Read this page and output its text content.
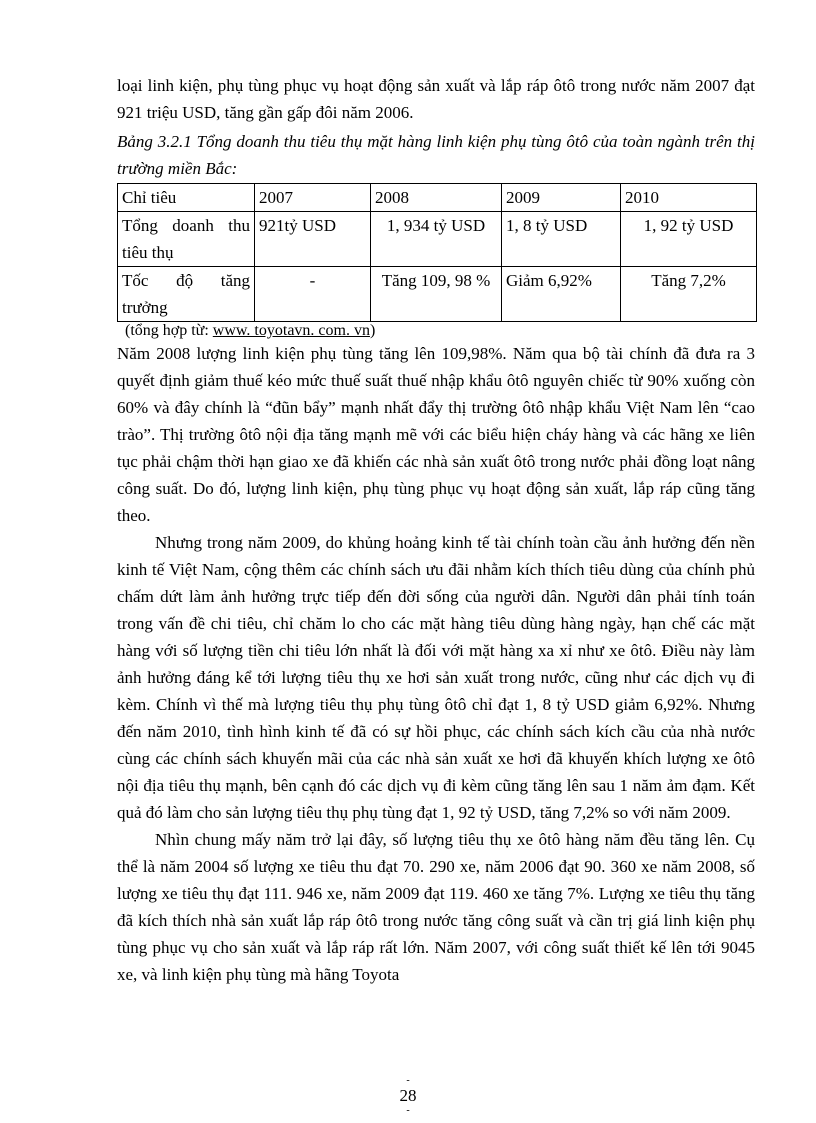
loại linh kiện, phụ tùng phục vụ hoạt động sản xuất và lắp ráp ôtô trong nước năm 2007 đạt 921 triệu USD, tăng gần gấp đôi năm 2006.

Bảng 3.2.1 Tổng doanh thu tiêu thụ mặt hàng linh kiện phụ tùng ôtô của toàn ngành trên thị trường miền Bắc:

Chỉ tiêu	2007	2008	2009	2010
Tổng doanh thu tiêu thụ	921tỷ USD	1, 934 tỷ USD	1, 8 tỷ USD	1, 92 tỷ USD
Tốc độ tăng trưởng	-	Tăng 109, 98 %	Giảm 6,92%	Tăng 7,2%
(tổng hợp từ: www. toyotavn. com. vn)

Năm 2008 lượng linh kiện phụ tùng tăng lên 109,98%. Năm qua bộ tài chính đã đưa ra 3 quyết định giảm thuế kéo mức thuế suất thuế nhập khẩu ôtô nguyên chiếc từ 90% xuống còn 60% và đây chính là “đũn bẩy” mạnh nhất đẩy thị trường ôtô nhập khẩu Việt Nam lên “cao trào”. Thị trường ôtô nội địa tăng mạnh mẽ với các biểu hiện cháy hàng và các hãng xe liên tục phải chậm thời hạn giao xe đã khiến các nhà sản xuất ôtô trong nước phải đồng loạt nâng công suất. Do đó, lượng linh kiện, phụ tùng phục vụ hoạt động sản xuất, lắp ráp cũng tăng theo.

Nhưng trong năm 2009, do khủng hoảng kinh tế tài chính toàn cầu ảnh hưởng đến nền kinh tế Việt Nam, cộng thêm các chính sách ưu đãi nhằm kích thích tiêu dùng của chính phủ chấm dứt làm ảnh hưởng trực tiếp đến đời sống của người dân. Người dân phải tính toán trong vấn đề chi tiêu, chỉ chăm lo cho các mặt hàng tiêu dùng hàng ngày, hạn chế các mặt hàng với số lượng tiền chi tiêu lớn nhất là đối với mặt hàng xa xỉ như xe ôtô. Điều này làm ảnh hưởng đáng kể tới lượng tiêu thụ xe hơi sản xuất trong nước, cũng như các dịch vụ đi kèm. Chính vì thế mà lượng tiêu thụ phụ tùng ôtô chỉ đạt 1, 8 tỷ USD giảm 6,92%. Nhưng đến năm 2010, tình hình kinh tế đã có sự hồi phục, các chính sách kích cầu của nhà nước cùng các chính sách khuyến mãi của các nhà sản xuất xe hơi đã khuyến khích lượng xe ôtô nội địa tiêu thụ mạnh, bên cạnh đó các dịch vụ đi kèm cũng tăng lên sau 1 năm ảm đạm. Kết quả đó làm cho sản lượng tiêu thụ phụ tùng đạt 1, 92 tỷ USD, tăng 7,2% so với năm 2009.

Nhìn chung mấy năm trở lại đây, số lượng tiêu thụ xe ôtô hàng năm đều tăng lên. Cụ thể là năm 2004 số lượng xe tiêu thu đạt 70. 290 xe, năm 2006 đạt 90. 360 xe năm 2008, số lượng xe tiêu thụ đạt 111. 946 xe, năm 2009 đạt 119. 460 xe tăng 7%. Lượng xe tiêu thụ tăng đã kích thích nhà sản xuất lắp ráp ôtô trong nước tăng công suất và cần trị giá linh kiện phụ tùng phục vụ cho sản xuất và lắp ráp rất lớn. Năm 2007, với công suất thiết kế lên tới 9045 xe, và linh kiện phụ tùng mà hãng Toyota

-
28
-
